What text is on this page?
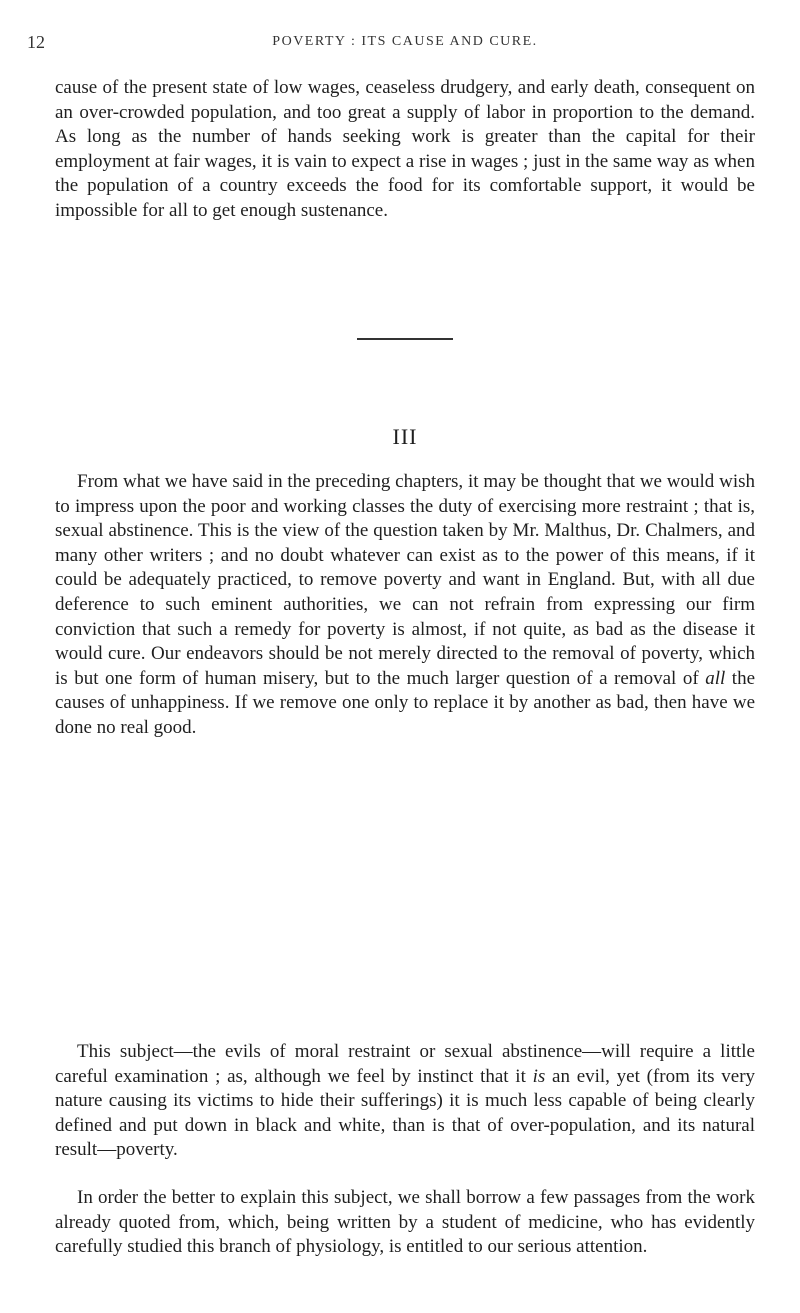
12	POVERTY : ITS CAUSE AND CURE.

cause of the present state of low wages, ceaseless drudgery, and early death, consequent on an over-crowded population, and too great a supply of labor in proportion to the demand. As long as the number of hands seeking work is greater than the capital for their employment at fair wages, it is vain to expect a rise in wages ; just in the same way as when the population of a country exceeds the food for its comfortable support, it would be impossible for all to get enough sustenance.

III

From what we have said in the preceding chapters, it may be thought that we would wish to impress upon the poor and working classes the duty of exercising more restraint ; that is, sexual abstinence. This is the view of the question taken by Mr. Malthus, Dr. Chalmers, and many other writers ; and no doubt whatever can exist as to the power of this means, if it could be adequately practiced, to remove poverty and want in England. But, with all due deference to such eminent authorities, we can not refrain from expressing our firm conviction that such a remedy for poverty is almost, if not quite, as bad as the disease it would cure. Our endeavors should be not merely directed to the removal of poverty, which is but one form of human misery, but to the much larger question of a removal of all the causes of unhappiness. If we remove one only to replace it by another as bad, then have we done no real good.

This subject—the evils of moral restraint or sexual abstinence—will require a little careful examination ; as, although we feel by instinct that it is an evil, yet (from its very nature causing its victims to hide their sufferings) it is much less capable of being clearly defined and put down in black and white, than is that of over-population, and its natural result—poverty.

In order the better to explain this subject, we shall borrow a few passages from the work already quoted from, which, being written by a student of medicine, who has evidently carefully studied this branch of physiology, is entitled to our serious attention.
